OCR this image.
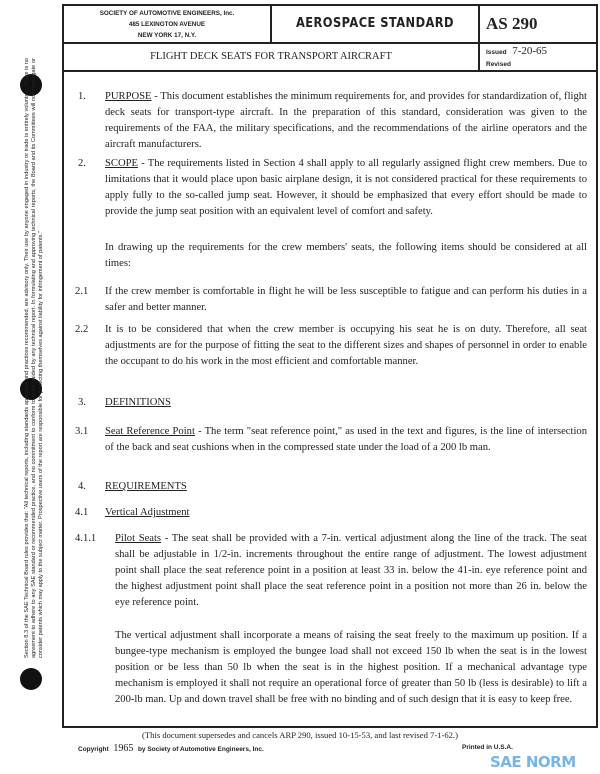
Section 8.3 of the SAE Technical Board rules provides that: "All technical reports, including standards approved and practices recommended, are advisory only. Their use by anyone engaged in industry or trade is entirely voluntary. There is no agreement to adhere to any SAE standard or recommended practice, and no commitment to conform to or be guided by any technical report. In formulating and approving technical reports, the Board and its Committees will not investigate or consider patents which may apply to the subject matter. Prospective users of the report are responsible for protecting themselves against liability for infringement of patents."
SOCIETY OF AUTOMOTIVE ENGINEERS, Inc.
485 LEXINGTON AVENUE
NEW YORK 17, N.Y.
AEROSPACE STANDARD	AS 290
FLIGHT DECK SEATS FOR TRANSPORT AIRCRAFT	Issued 7-20-65
Revised
1. PURPOSE - This document establishes the minimum requirements for, and provides for standardization of, flight deck seats for transport-type aircraft. In the preparation of this standard, consideration was given to the requirements of the FAA, the military specifications, and the recommendations of the airline operators and the aircraft manufacturers.
2. SCOPE - The requirements listed in Section 4 shall apply to all regularly assigned flight crew members. Due to limitations that it would place upon basic airplane design, it is not considered practical for these requirements to apply fully to the so-called jump seat. However, it should be emphasized that every effort should be made to provide the jump seat position with an equivalent level of comfort and safety.
In drawing up the requirements for the crew members' seats, the following items should be considered at all times:
2.1 If the crew member is comfortable in flight he will be less susceptible to fatigue and can perform his duties in a safer and better manner.
2.2 It is to be considered that when the crew member is occupying his seat he is on duty. Therefore, all seat adjustments are for the purpose of fitting the seat to the different sizes and shapes of personnel in order to enable the occupant to do his work in the most efficient and comfortable manner.
3. DEFINITIONS
3.1 Seat Reference Point - The term "seat reference point," as used in the text and figures, is the line of intersection of the back and seat cushions when in the compressed state under the load of a 200 lb man.
4. REQUIREMENTS
4.1 Vertical Adjustment
4.1.1 Pilot Seats - The seat shall be provided with a 7-in. vertical adjustment along the line of the track. The seat shall be adjustable in 1/2-in. increments throughout the entire range of adjustment. The lowest adjustment point shall place the seat reference point in a position at least 33 in. below the 41-in. eye reference point and the highest adjustment point shall place the seat reference point in a position not more than 26 in. below the eye reference point.
The vertical adjustment shall incorporate a means of raising the seat freely to the maximum up position. If a bungee-type mechanism is employed the bungee load shall not exceed 150 lb when the seat is in the lowest position or be less than 50 lb when the seat is in the highest position. If a mechanical advantage type mechanism is employed it shall not require an operational force of greater than 50 lb (less is desirable) to lift a 200-lb man. Up and down travel shall be free with no binding and of such design that it is easy to keep free.
(This document supersedes and cancels ARP 290, issued 10-15-53, and last revised 7-1-62.)
Copyright 1965 by Society of Automotive Engineers, Inc.	Printed in U.S.A.
SAE NORM
